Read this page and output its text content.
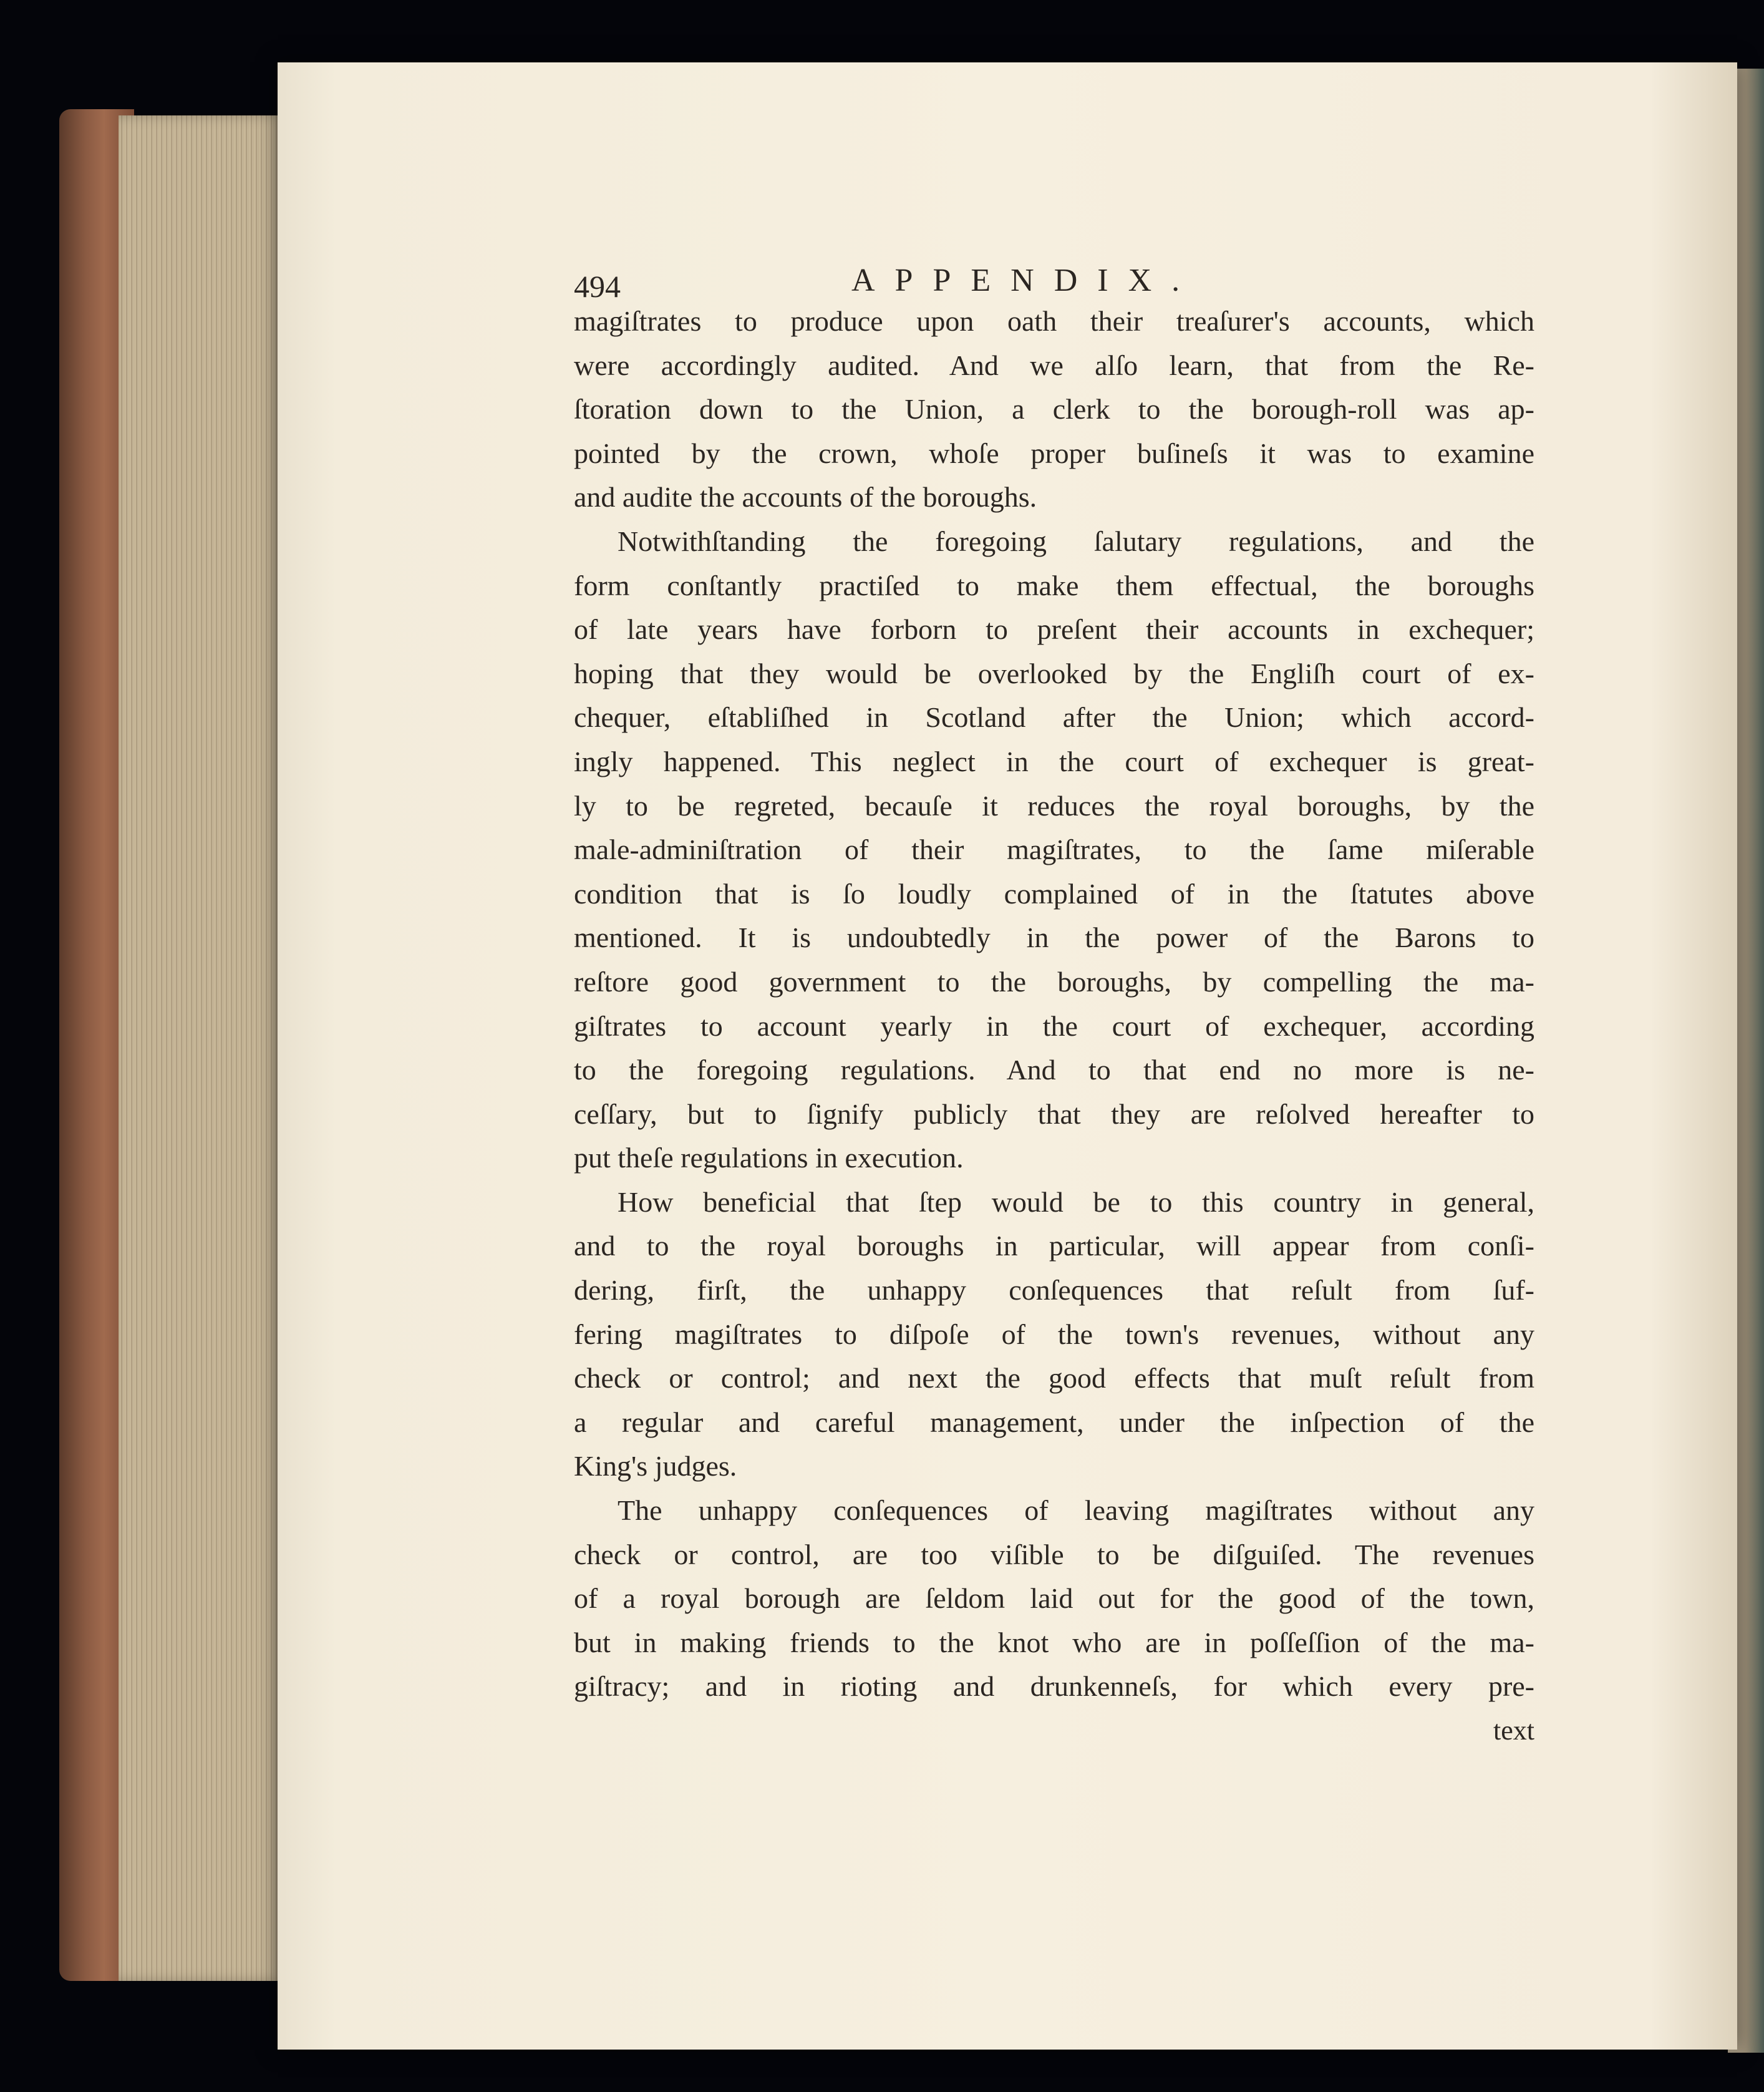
494	APPENDIX.
magiſtrates to produce upon oath their treaſurer's accounts, which
were accordingly audited. And we alſo learn, that from the Re-
ſtoration down to the Union, a clerk to the borough-roll was ap-
pointed by the crown, whoſe proper buſineſs it was to examine
and audite the accounts of the boroughs.
Notwithſtanding the foregoing ſalutary regulations, and the
form conſtantly practiſed to make them effectual, the boroughs
of late years have forborn to preſent their accounts in exchequer;
hoping that they would be overlooked by the Engliſh court of ex-
chequer, eſtabliſhed in Scotland after the Union; which accord-
ingly happened. This neglect in the court of exchequer is great-
ly to be regreted, becauſe it reduces the royal boroughs, by the
male-adminiſtration of their magiſtrates, to the ſame miſerable
condition that is ſo loudly complained of in the ſtatutes above
mentioned. It is undoubtedly in the power of the Barons to
reſtore good government to the boroughs, by compelling the ma-
giſtrates to account yearly in the court of exchequer, according
to the foregoing regulations. And to that end no more is ne-
ceſſary, but to ſignify publicly that they are reſolved hereafter to
put theſe regulations in execution.
How beneficial that ſtep would be to this country in general,
and to the royal boroughs in particular, will appear from conſi-
dering, firſt, the unhappy conſequences that reſult from ſuf-
fering magiſtrates to diſpoſe of the town's revenues, without any
check or control; and next the good effects that muſt reſult from
a regular and careful management, under the inſpection of the
King's judges.
The unhappy conſequences of leaving magiſtrates without any
check or control, are too viſible to be diſguiſed. The revenues
of a royal borough are ſeldom laid out for the good of the town,
but in making friends to the knot who are in poſſeſſion of the ma-
giſtracy; and in rioting and drunkenneſs, for which every pre-
text
